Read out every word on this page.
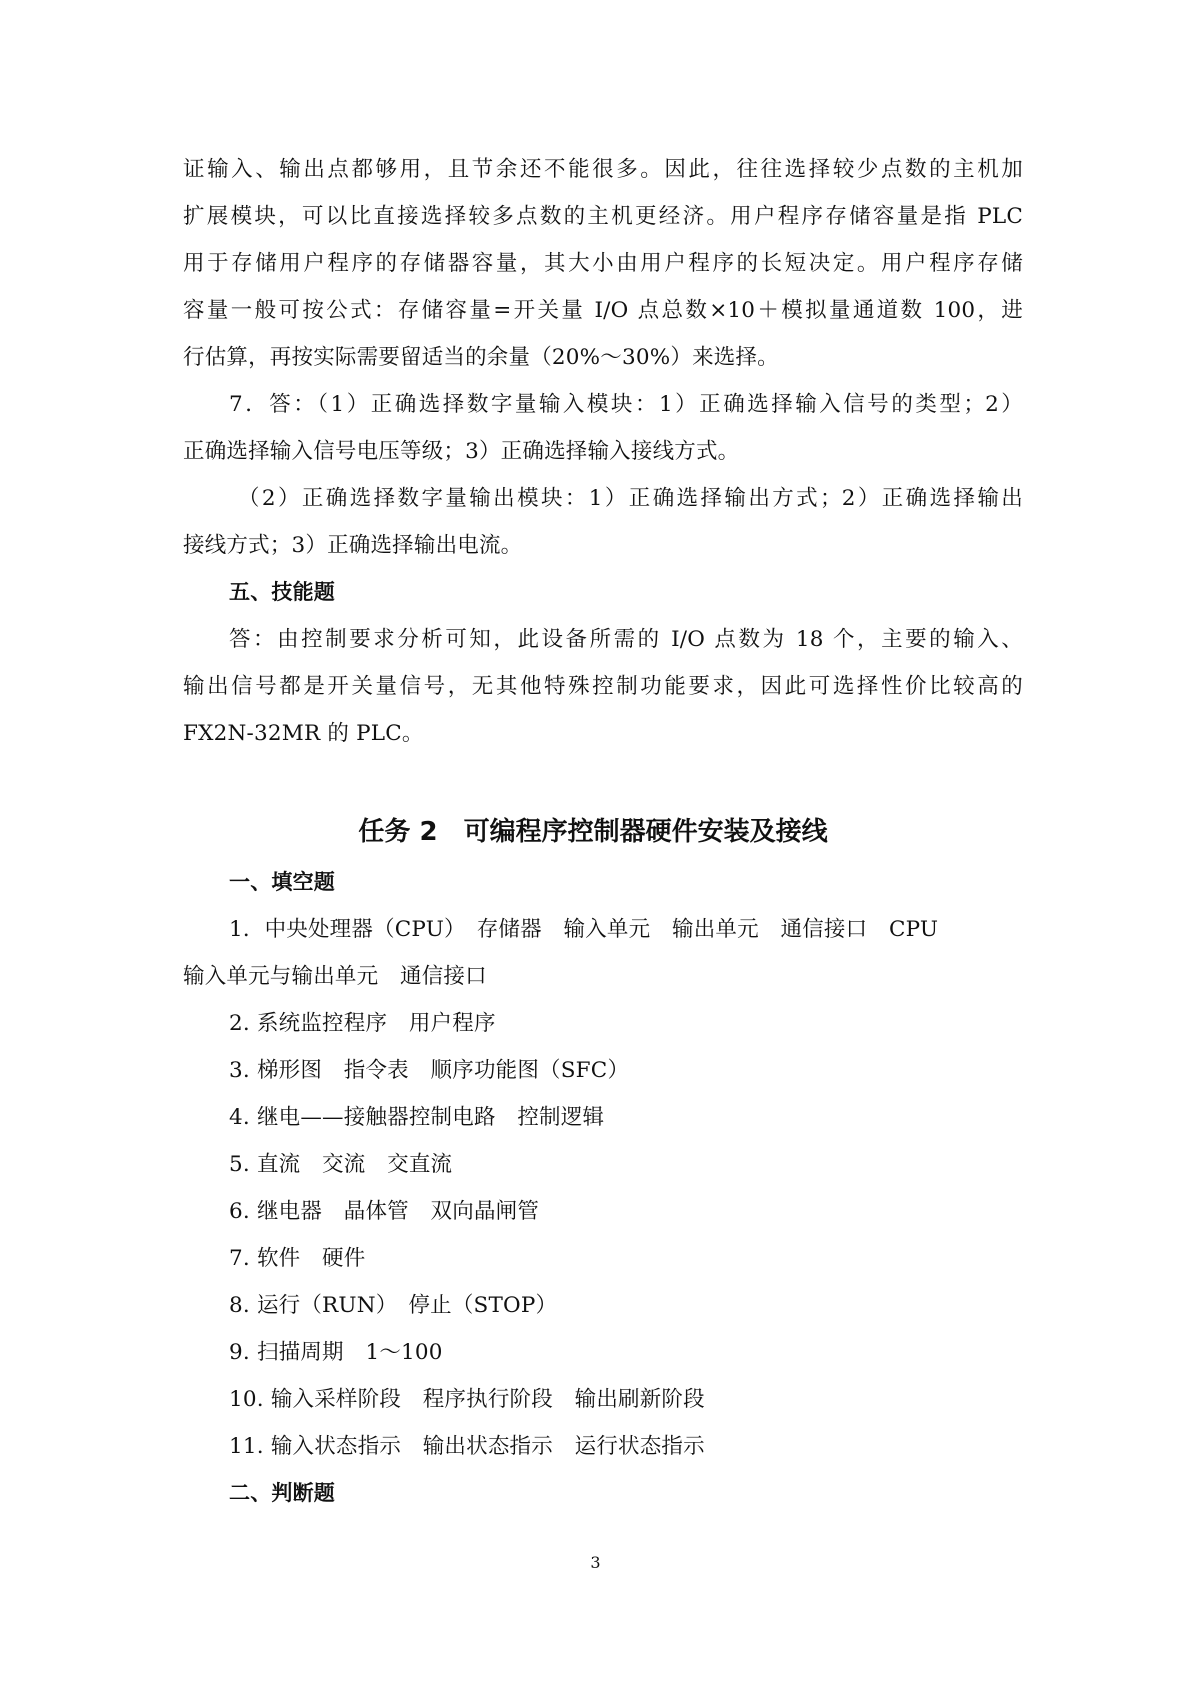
证输入、输出点都够用，且节余还不能很多。因此，往往选择较少点数的主机加
扩展模块，可以比直接选择较多点数的主机更经济。用户程序存储容量是指 PLC
用于存储用户程序的存储器容量，其大小由用户程序的长短决定。用户程序存储
容量一般可按公式：存储容量=开关量 I/O 点总数×10＋模拟量通道数 100，进
行估算，再按实际需要留适当的余量（20%～30%）来选择。
7．答：（1）正确选择数字量输入模块：1）正确选择输入信号的类型；2）
正确选择输入信号电压等级；3）正确选择输入接线方式。
（2）正确选择数字量输出模块：1）正确选择输出方式；2）正确选择输出
接线方式；3）正确选择输出电流。
五、技能题
答：由控制要求分析可知，此设备所需的 I/O 点数为 18 个，主要的输入、
输出信号都是开关量信号，无其他特殊控制功能要求，因此可选择性价比较高的
FX2N-32MR 的 PLC。
任务 2　可编程序控制器硬件安装及接线
一、填空题
1．中央处理器（CPU）　存储器　输入单元　输出单元　通信接口　CPU
输入单元与输出单元　通信接口
2. 系统监控程序　用户程序
3. 梯形图　指令表　顺序功能图（SFC）
4. 继电——接触器控制电路　控制逻辑
5. 直流　交流　交直流
6. 继电器　晶体管　双向晶闸管
7. 软件　硬件
8. 运行（RUN）　停止（STOP）
9. 扫描周期　1～100
10. 输入采样阶段　程序执行阶段　输出刷新阶段
11. 输入状态指示　输出状态指示　运行状态指示
二、判断题
3
